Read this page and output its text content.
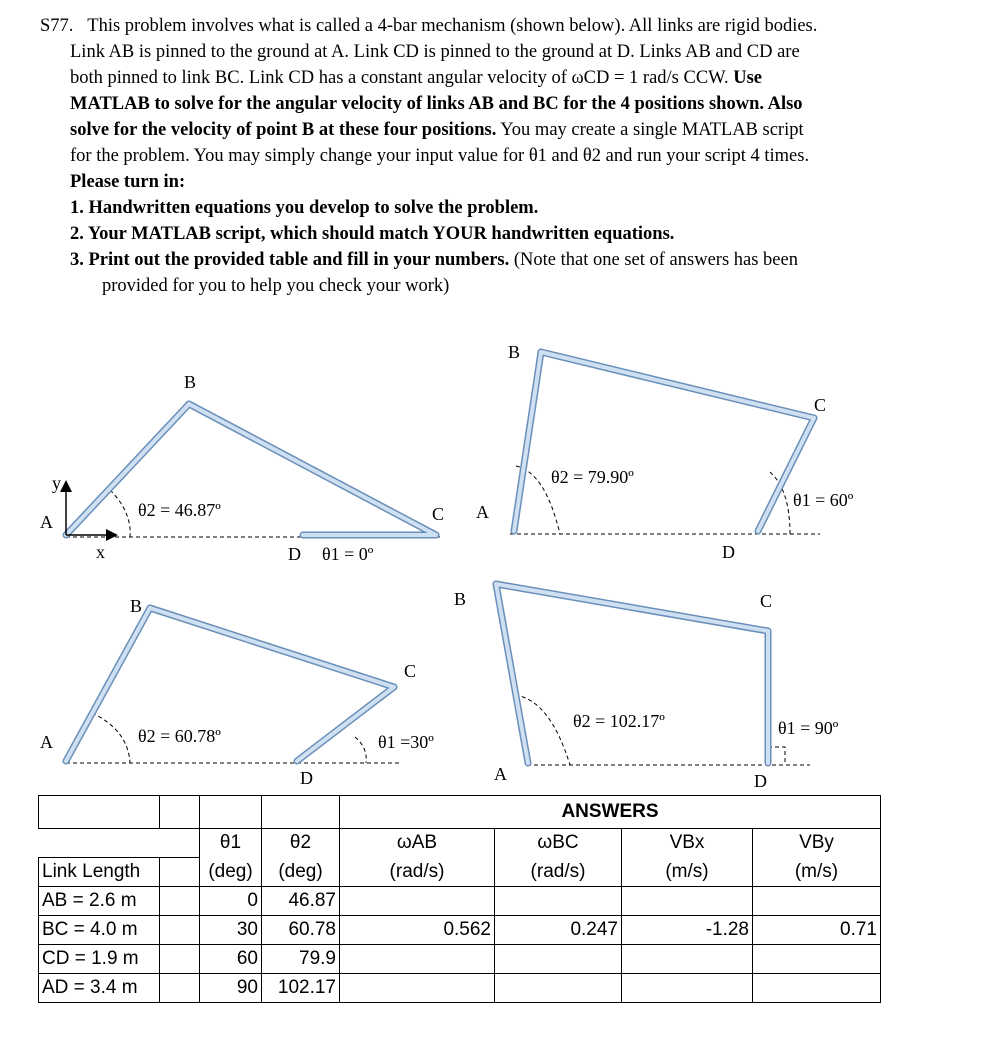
S77. This problem involves what is called a 4-bar mechanism (shown below). All links are rigid bodies.
Link AB is pinned to the ground at A. Link CD is pinned to the ground at D. Links AB and CD are
both pinned to link BC. Link CD has a constant angular velocity of ωCD = 1 rad/s CCW. Use
MATLAB to solve for the angular velocity of links AB and BC for the 4 positions shown. Also
solve for the velocity of point B at these four positions. You may create a single MATLAB script
for the problem. You may simply change your input value for θ1 and θ2 and run your script 4 times.
Please turn in:
1. Handwritten equations you develop to solve the problem.
2. Your MATLAB script, which should match YOUR handwritten equations.
3. Print out the provided table and fill in your numbers. (Note that one set of answers has been
provided for you to help you check your work)
B
C
D
A
y
x
θ2 = 46.87º
θ1 = 0º
B
C
D
A
θ2 = 79.90º
θ1 = 60º
B
C
D
A	θ2 = 60.78º	θ1 =30º
B	C
D
A
θ2 = 102.17º	θ1 = 90º
				ANSWERS			
		θ1	θ2	ωAB	ωBC	VBx	VBy
Link Length		(deg)	(deg)	(rad/s)	(rad/s)	(m/s)	(m/s)
AB = 2.6 m		0	46.87				
BC = 4.0 m		30	60.78	0.562	0.247	-1.28	0.71
CD = 1.9 m		60	79.9				
AD = 3.4 m		90	102.17				
